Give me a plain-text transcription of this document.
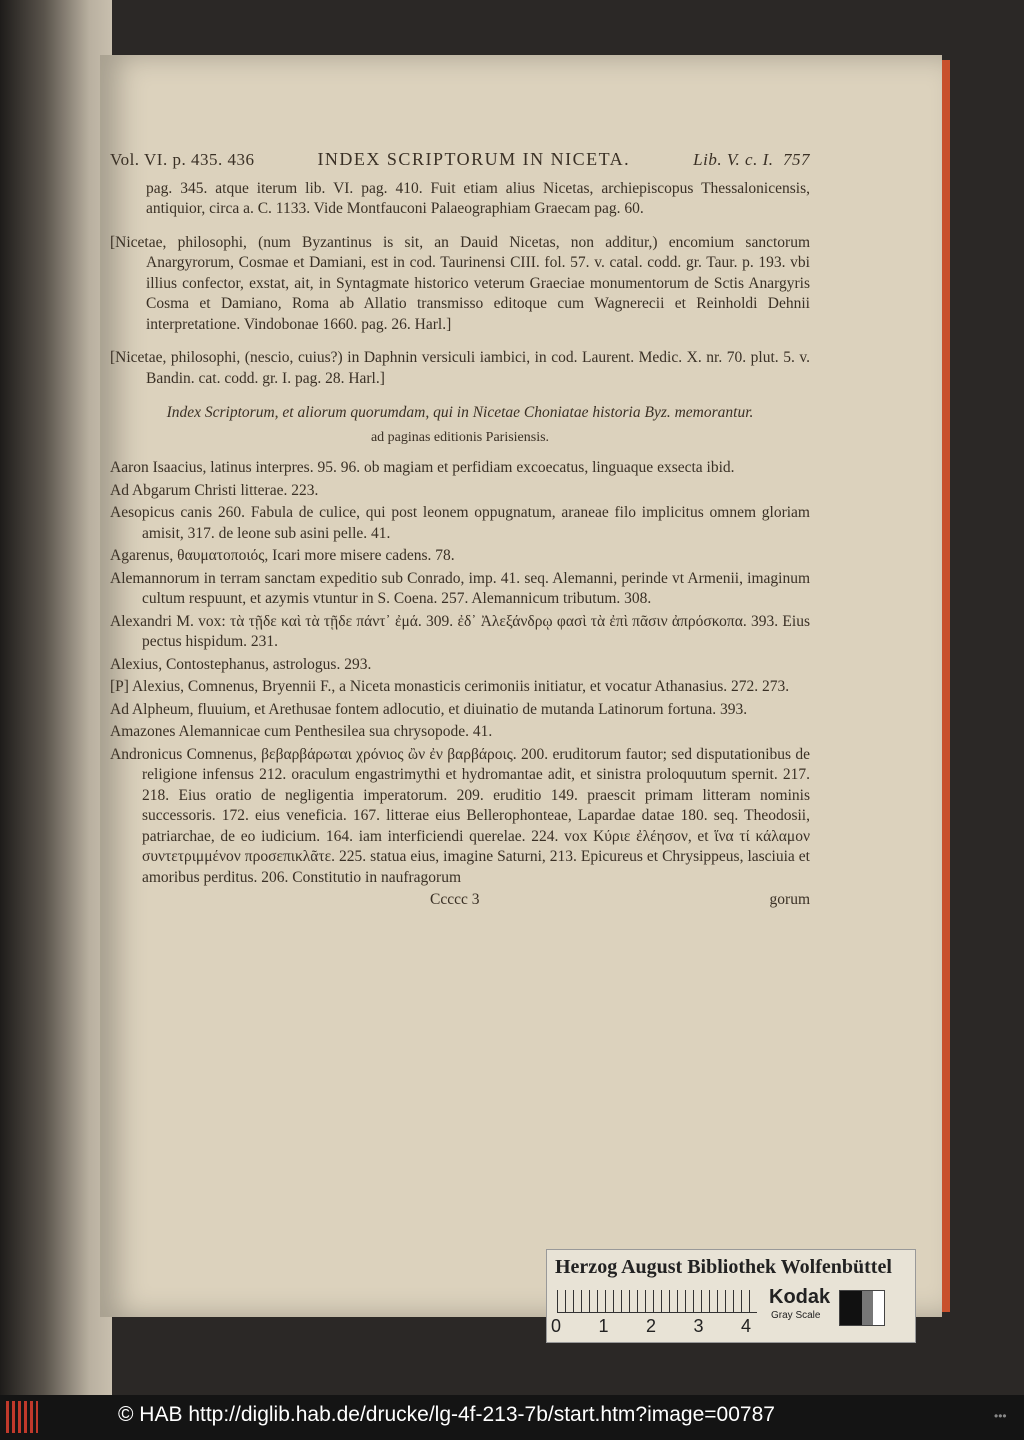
Vol. VI. p. 435. 436	INDEX SCRIPTORUM IN NICETA.	Lib. V. c. I. 757

pag. 345. atque iterum lib. VI. pag. 410. Fuit etiam alius Nicetas, archiepiscopus Thessalonicensis, antiquior, circa a. C. 1133. Vide Montfauconi Palaeographiam Graecam pag. 60.

[Nicetae, philosophi, (num Byzantinus is sit, an Dauid Nicetas, non additur,) encomium sanctorum Anargyrorum, Cosmae et Damiani, est in cod. Taurinensi CIII. fol. 57. v. catal. codd. gr. Taur. p. 193. vbi illius confector, exstat, ait, in Syntagmate historico veterum Graeciae monumentorum de Sctis Anargyris Cosma et Damiano, Roma ab Allatio transmisso editoque cum Wagnerecii et Reinholdi Dehnii interpretatione. Vindobonae 1660. pag. 26. Harl.]

[Nicetae, philosophi, (nescio, cuius?) in Daphnin versiculi iambici, in cod. Laurent. Medic. X. nr. 70. plut. 5. v. Bandin. cat. codd. gr. I. pag. 28. Harl.]

Index Scriptorum, et aliorum quorumdam, qui in Nicetae Choniatae historia Byz. memorantur.
ad paginas editionis Parisiensis.

Aaron Isaacius, latinus interpres. 95. 96. ob magiam et perfidiam excoecatus, linguaque exsecta ibid.

Ad Abgarum Christi litterae. 223.

Aesopicus canis 260. Fabula de culice, qui post leonem oppugnatum, araneae filo implicitus omnem gloriam amisit, 317. de leone sub asini pelle. 41.

Agarenus, θαυματοποιός, Icari more misere cadens. 78.

Alemannorum in terram sanctam expeditio sub Conrado, imp. 41. seq. Alemanni, perinde vt Armenii, imaginum cultum respuunt, et azymis vtuntur in S. Coena. 257. Alemannicum tributum. 308.

Alexandri M. vox: τὰ τῇδε καὶ τὰ τῇδε πάντ᾽ ἐμά. 309. ἐδ᾽ Ἀλεξάνδρῳ φασὶ τὰ ἐπὶ πᾶσιν ἀπρόσκοπα. 393. Eius pectus hispidum. 231.

Alexius, Contostephanus, astrologus. 293.

[P] Alexius, Comnenus, Bryennii F., a Niceta monasticis cerimoniis initiatur, et vocatur Athanasius. 272. 273.

Ad Alpheum, fluuium, et Arethusae fontem adlocutio, et diuinatio de mutanda Latinorum fortuna. 393.

Amazones Alemannicae cum Penthesilea sua chrysopode. 41.

Andronicus Comnenus, βεβαρβάρωται χρόνιος ὢν ἐν βαρβάροις. 200. eruditorum fautor; sed disputationibus de religione infensus 212. oraculum engastrimythi et hydromantae adit, et sinistra proloquutum spernit. 217. 218. Eius oratio de negligentia imperatorum. 209. eruditio 149. praescit primam litteram nominis successoris. 172. eius veneficia. 167. litterae eius Bellerophonteae, Lapardae datae 180. seq. Theodosii, patriarchae, de eo iudicium. 164. iam interficiendi querelae. 224. vox Κύριε ἐλέησον, et ἵνα τί κάλαμον συντετριμμένον προσεπικλᾶτε. 225. statua eius, imagine Saturni, 213. Epicureus et Chrysippeus, lasciuia et amoribus perditus. 206. Constitutio in naufragorum

Ccccc 3	gorum
Herzog August Bibliothek Wolfenbüttel
0 1 2 3 4
Kodak
Gray Scale
© HAB http://diglib.hab.de/drucke/lg-4f-213-7b/start.htm?image=00787	•••
